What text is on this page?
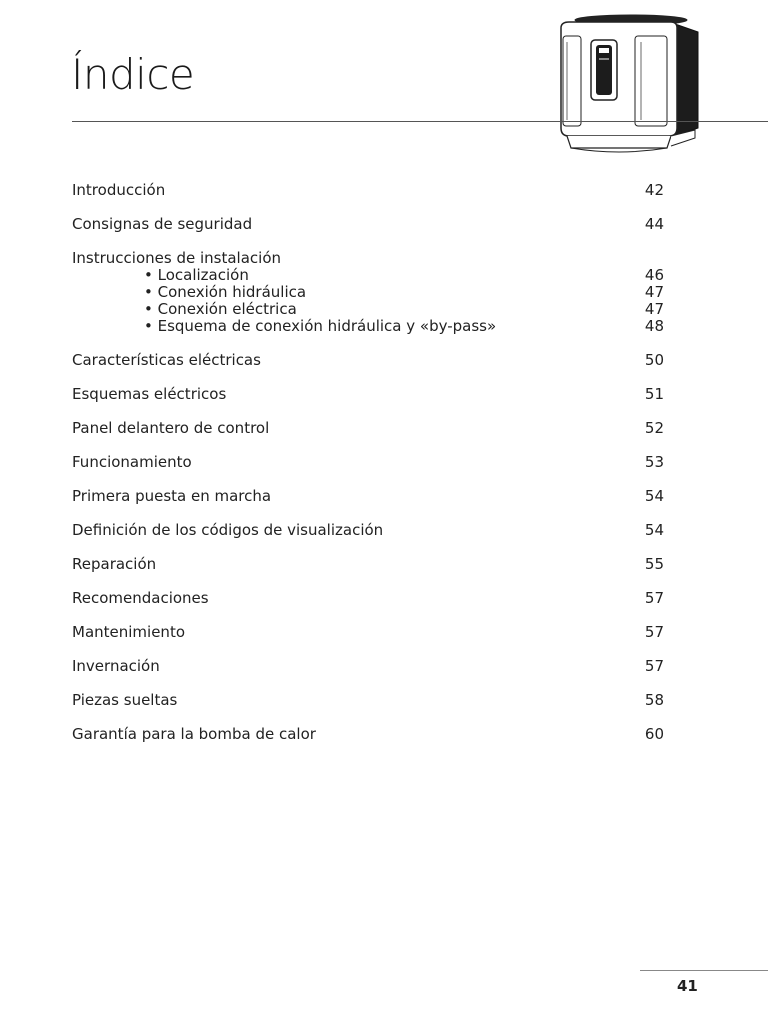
Índice
Introducción	42
Consignas de seguridad	44
Instrucciones de instalación
• Localización	46
• Conexión hidráulica	47
• Conexión eléctrica	47
• Esquema de conexión hidráulica y «by-pass»	48
Características eléctricas	50
Esquemas eléctricos	51
Panel delantero de control	52
Funcionamiento	53
Primera puesta en marcha	54
Definición de los códigos de visualización	54
Reparación	55
Recomendaciones	57
Mantenimiento	57
Invernación	57
Piezas sueltas	58
Garantía para la bomba de calor	60
41
